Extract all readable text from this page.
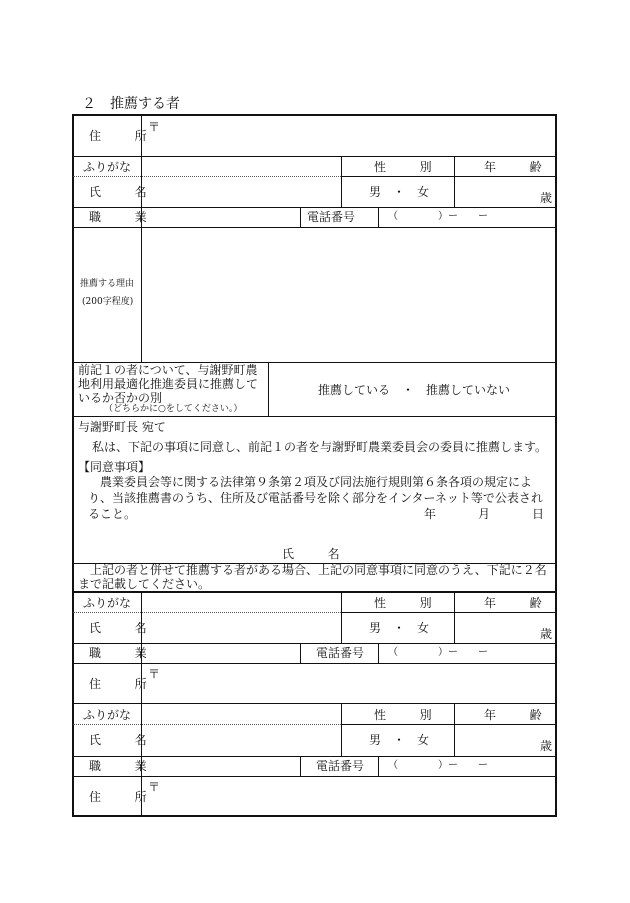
２　推薦する者
住　所
〒
ふりがな	性　別	年　齢
氏　名	男　・　女	歳
職　業	電話番号	（　　　　）ー　　ー
推薦する理由
(200字程度)
前記１の者について、与謝野町農地利用最適化推進委員に推薦しているか否かの別
（どちらかに○をしてください。）
推薦している　・　推薦していない
与謝野町長 宛て
私は、下記の事項に同意し、前記１の者を与謝野町農業委員会の委員に推薦します。
【同意事項】
農業委員会等に関する法律第９条第２項及び同法施行規則第６条各項の規定により、当該推薦書のうち、住所及び電話番号を除く部分をインターネット等で公表されること。	年　　月　　日
氏　名
上記の者と併せて推薦する者がある場合、上記の同意事項に同意のうえ、下記に２名まで記載してください。
ふりがな	性　別	年　齢
氏　名	男　・　女	歳
職　業	電話番号 （　　　　）ー　　ー
住　所
〒
ふりがな	性　別	年　齢
氏　名	男　・　女	歳
職　業	電話番号 （　　　　）ー　　ー
住　所
〒
